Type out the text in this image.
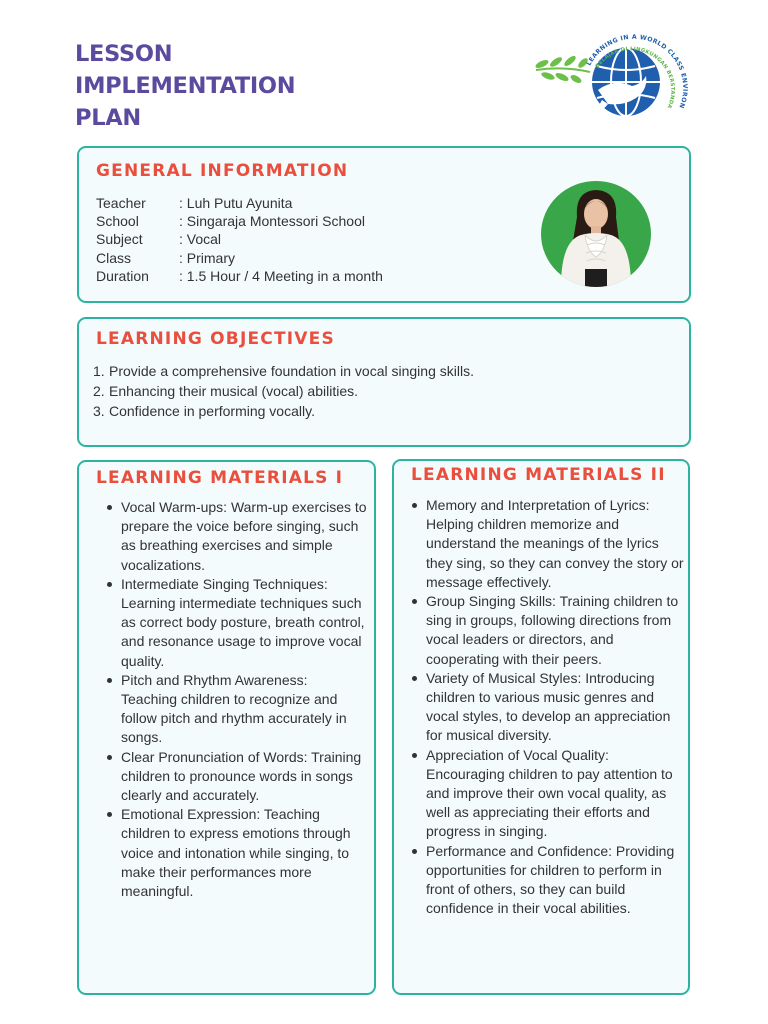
LESSON
IMPLEMENTATION
PLAN
LEARNING IN A WORLD CLASS ENVIRON
BELAJAR DI LINGKUNGAN BERSTANDA
GENERAL INFORMATION
Teacher	: Luh Putu Ayunita
School	: Singaraja Montessori School
Subject	: Vocal
Class	: Primary
Duration	: 1.5 Hour / 4 Meeting in a month
LEARNING OBJECTIVES
1. Provide a comprehensive foundation in vocal singing skills.
2. Enhancing their musical (vocal) abilities.
3. Confidence in performing vocally.
LEARNING MATERIALS I
Vocal Warm-ups: Warm-up exercises to prepare the voice before singing, such as breathing exercises and simple vocalizations.
Intermediate Singing Techniques: Learning intermediate techniques such as correct body posture, breath control, and resonance usage to improve vocal quality.
Pitch and Rhythm Awareness: Teaching children to recognize and follow pitch and rhythm accurately in songs.
Clear Pronunciation of Words: Training children to pronounce words in songs clearly and accurately.
Emotional Expression: Teaching children to express emotions through voice and intonation while singing, to make their performances more meaningful.
LEARNING MATERIALS II
Memory and Interpretation of Lyrics: Helping children memorize and understand the meanings of the lyrics they sing, so they can convey the story or message effectively.
Group Singing Skills: Training children to sing in groups, following directions from vocal leaders or directors, and cooperating with their peers.
Variety of Musical Styles: Introducing children to various music genres and vocal styles, to develop an appreciation for musical diversity.
Appreciation of Vocal Quality: Encouraging children to pay attention to and improve their own vocal quality, as well as appreciating their efforts and progress in singing.
Performance and Confidence: Providing opportunities for children to perform in front of others, so they can build confidence in their vocal abilities.
